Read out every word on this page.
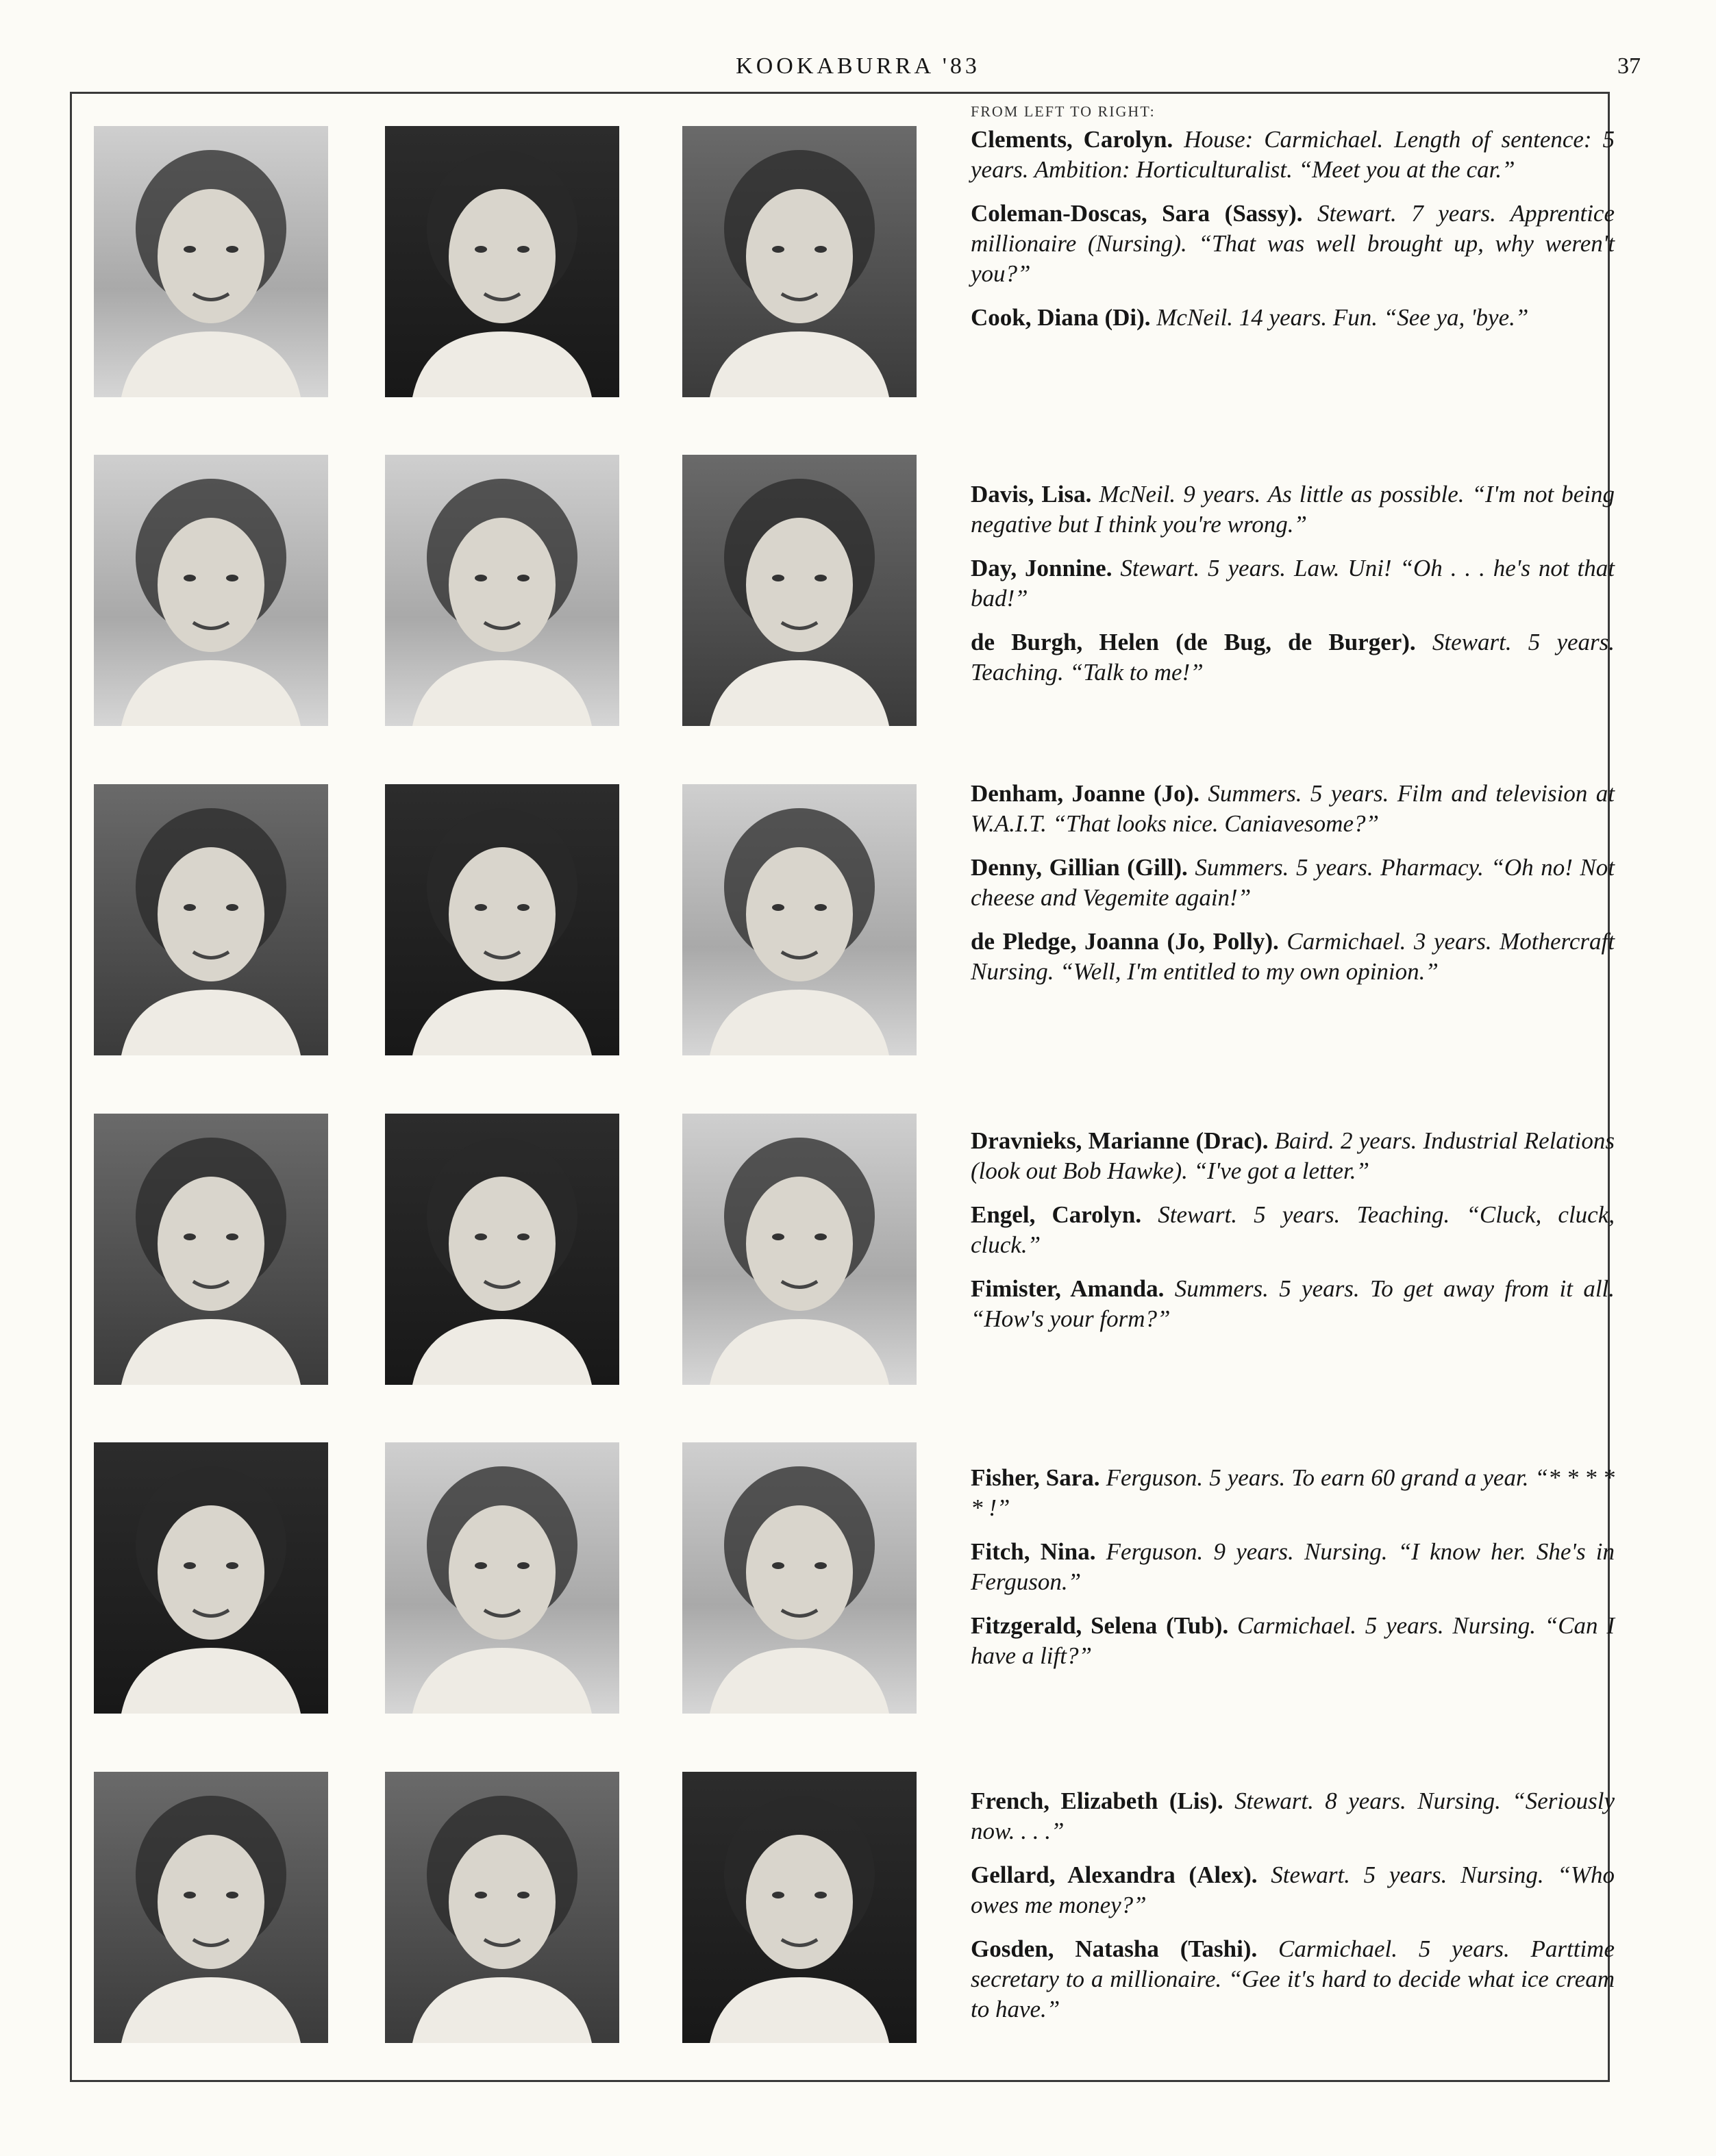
KOOKABURRA '83	37
FROM LEFT TO RIGHT:

Clements, Carolyn. House: Carmichael. Length of sentence: 5 years. Ambition: Horticulturalist. “Meet you at the car.”

Coleman-Doscas, Sara (Sassy). Stewart. 7 years. Apprentice millionaire (Nursing). “That was well brought up, why weren't you?”

Cook, Diana (Di). McNeil. 14 years. Fun. “See ya, 'bye.”

Davis, Lisa. McNeil. 9 years. As little as possible. “I'm not being negative but I think you're wrong.”

Day, Jonnine. Stewart. 5 years. Law. Uni! “Oh . . . he's not that bad!”

de Burgh, Helen (de Bug, de Burger). Stewart. 5 years. Teaching. “Talk to me!”

Denham, Joanne (Jo). Summers. 5 years. Film and television at W.A.I.T. “That looks nice. Caniavesome?”

Denny, Gillian (Gill). Summers. 5 years. Pharmacy. “Oh no! Not cheese and Vegemite again!”

de Pledge, Joanna (Jo, Polly). Carmichael. 3 years. Mothercraft Nursing. “Well, I'm entitled to my own opinion.”

Dravnieks, Marianne (Drac). Baird. 2 years. Industrial Relations (look out Bob Hawke). “I've got a letter.”

Engel, Carolyn. Stewart. 5 years. Teaching. “Cluck, cluck, cluck.”

Fimister, Amanda. Summers. 5 years. To get away from it all. “How's your form?”

Fisher, Sara. Ferguson. 5 years. To earn 60 grand a year. “* * * * * !”

Fitch, Nina. Ferguson. 9 years. Nursing. “I know her. She's in Ferguson.”

Fitzgerald, Selena (Tub). Carmichael. 5 years. Nursing. “Can I have a lift?”

French, Elizabeth (Lis). Stewart. 8 years. Nursing. “Seriously now. . . .”

Gellard, Alexandra (Alex). Stewart. 5 years. Nursing. “Who owes me money?”

Gosden, Natasha (Tashi). Carmichael. 5 years. Parttime secretary to a millionaire. “Gee it's hard to decide what ice cream to have.”
